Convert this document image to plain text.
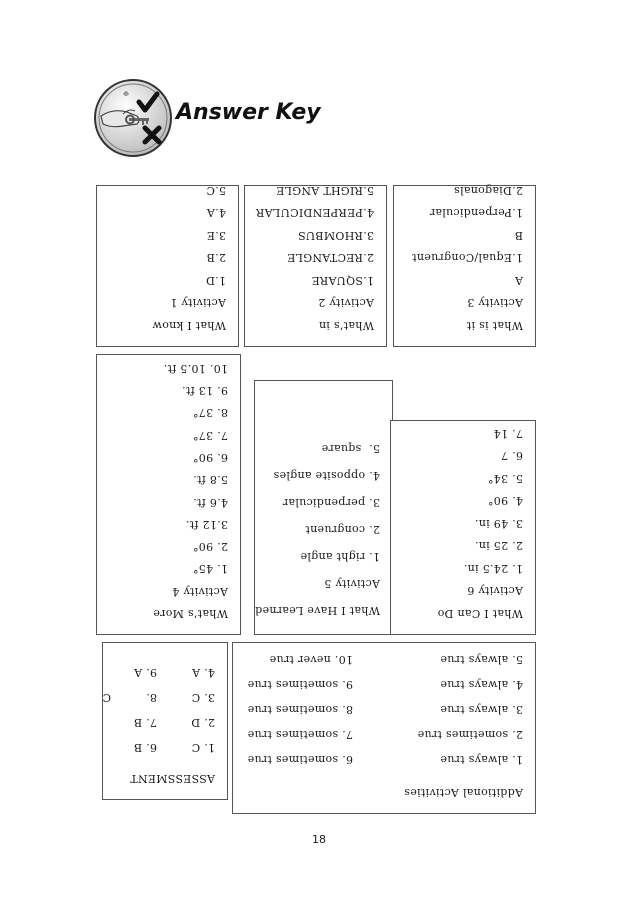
Answer Key
What I know
Activity 1
1.D
2.B
3.E
4.A
5.C
What’s in
Activity 2
1.SQUARE
2.RECTANGLE
3.RHOMBUS
4.PERPENDICULAR
5.RIGHT ANGLE
What is it
Activity 3
A
1.Equal/Congruent
B
1.Perpendicular
2.Diagonals
What’s More
Activity 4
1. 45°
2. 90°
3.12 ft.
4.6 ft.
5.8 ft.
6. 90°
7. 37°
8. 37°
9. 13 ft.
10. 10.5 ft.
What I Have Learned
Activity 5
1. right angle
2. congruent
3. perpendicular
4. opposite angles
5.  square
What I Can Do
Activity 6
1. 24.5 in.
2. 25 in.
3. 49 in.
4. 90°
5. 34°
6. 7
7. 14
ASSESSMENT
1. C
6. B
2. D
7. B
3. C
8.
C
4. A
9. A
Additional Activities
1. always true
6. sometimes true
2. sometimes true
7. sometimes true
3. always true
8. sometimes true
4. always true
9. sometimes true
5. always true
10. never true
18
